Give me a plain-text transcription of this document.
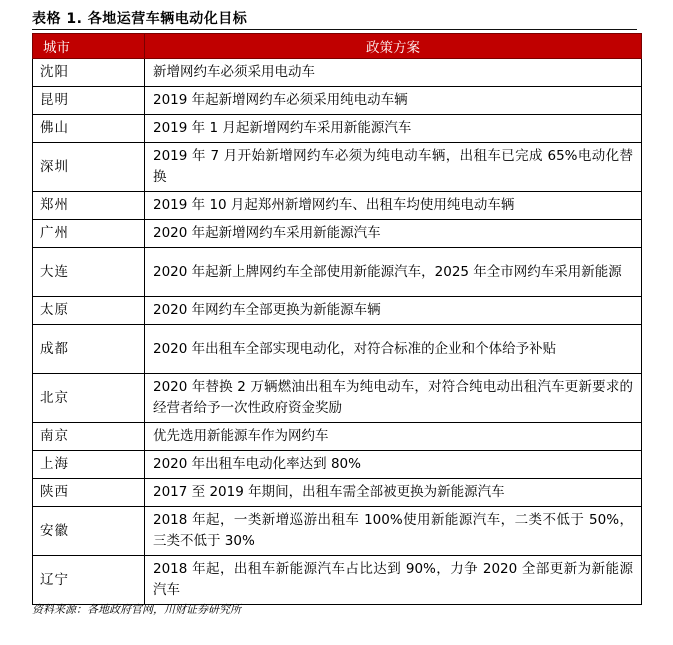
表格 1. 各地运营车辆电动化目标
城市	政策方案
沈阳	新增网约车必须采用电动车
昆明	2019 年起新增网约车必须采用纯电动车辆
佛山	2019 年 1 月起新增网约车采用新能源汽车
深圳	2019 年 7 月开始新增网约车必须为纯电动车辆，出租车已完成 65%电动化替换
郑州	2019 年 10 月起郑州新增网约车、出租车均使用纯电动车辆
广州	2020 年起新增网约车采用新能源汽车
大连	2020 年起新上牌网约车全部使用新能源汽车，2025 年全市网约车采用新能源
太原	2020 年网约车全部更换为新能源车辆
成都	2020 年出租车全部实现电动化，对符合标准的企业和个体给予补贴
北京	2020 年替换 2 万辆燃油出租车为纯电动车，对符合纯电动出租汽车更新要求的经营者给予一次性政府资金奖励
南京	优先选用新能源车作为网约车
上海	2020 年出租车电动化率达到 80%
陕西	2017 至 2019 年期间，出租车需全部被更换为新能源汽车
安徽	2018 年起，一类新增巡游出租车 100%使用新能源汽车，二类不低于 50%，三类不低于 30%
辽宁	2018 年起，出租车新能源汽车占比达到 90%，力争 2020 全部更新为新能源汽车
资料来源：各地政府官网，川财证券研究所
